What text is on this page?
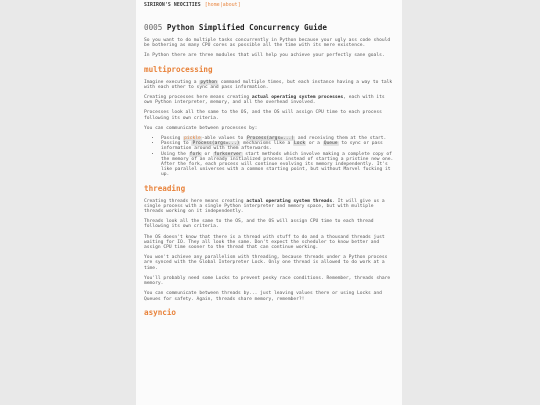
SIRIRON'S NEOCITIES [home|about]
0005 Python Simplified Concurrency Guide

So you want to do multiple tasks concurrently in Python because your ugly ass code should be bothering as many CPU cores as possible all the time with its mere existence.

In Python there are three modules that will help you achieve your perfectly sane goals.

multiprocessing

Imagine executing a python command multiple times, but each instance having a way to talk with each other to sync and pass information.

Creating processes here means creating actual operating system processes, each with its own Python interpreter, memory, and all the overhead involved.

Processes look all the same to the OS, and the OS will assign CPU time to each process following its own criteria.

You can communicate between processes by:

• Passing pickle-able values to Process(args=...) and receiving them at the start.
• Passing to Process(args=...) mechanisms like a Lock or a Queue to sync or pass information around with them afterwards.
• Using the fork or forkserver start methods which involve making a complete copy of the memory of an already initialized process instead of starting a pristine new one. After the fork, each process will continue evolving its memory independently. It's like parallel universes with a common starting point, but without Marvel fucking it up.
threading

Creating threads here means creating actual operating system threads. It will give us a single process with a single Python interpreter and memory space, but with multiple threads working on it independently.

Threads look all the same to the OS, and the OS will assign CPU time to each thread following its own criteria.

The OS doesn't know that there is a thread with stuff to do and a thousand threads just waiting for IO. They all look the same. Don't expect the scheduler to know better and assign CPU time sooner to the thread that can continue working.

You won't achieve any parallelism with threading, because threads under a Python process are synced with the Global Interpreter Lock. Only one thread is allowed to do work at a time.

You'll probably need some Locks to prevent pesky race conditions. Remember, threads share memory.

You can communicate between threads by... just leaving values there or using Locks and Queues for safety. Again, threads share memory, remember?!

asyncio
